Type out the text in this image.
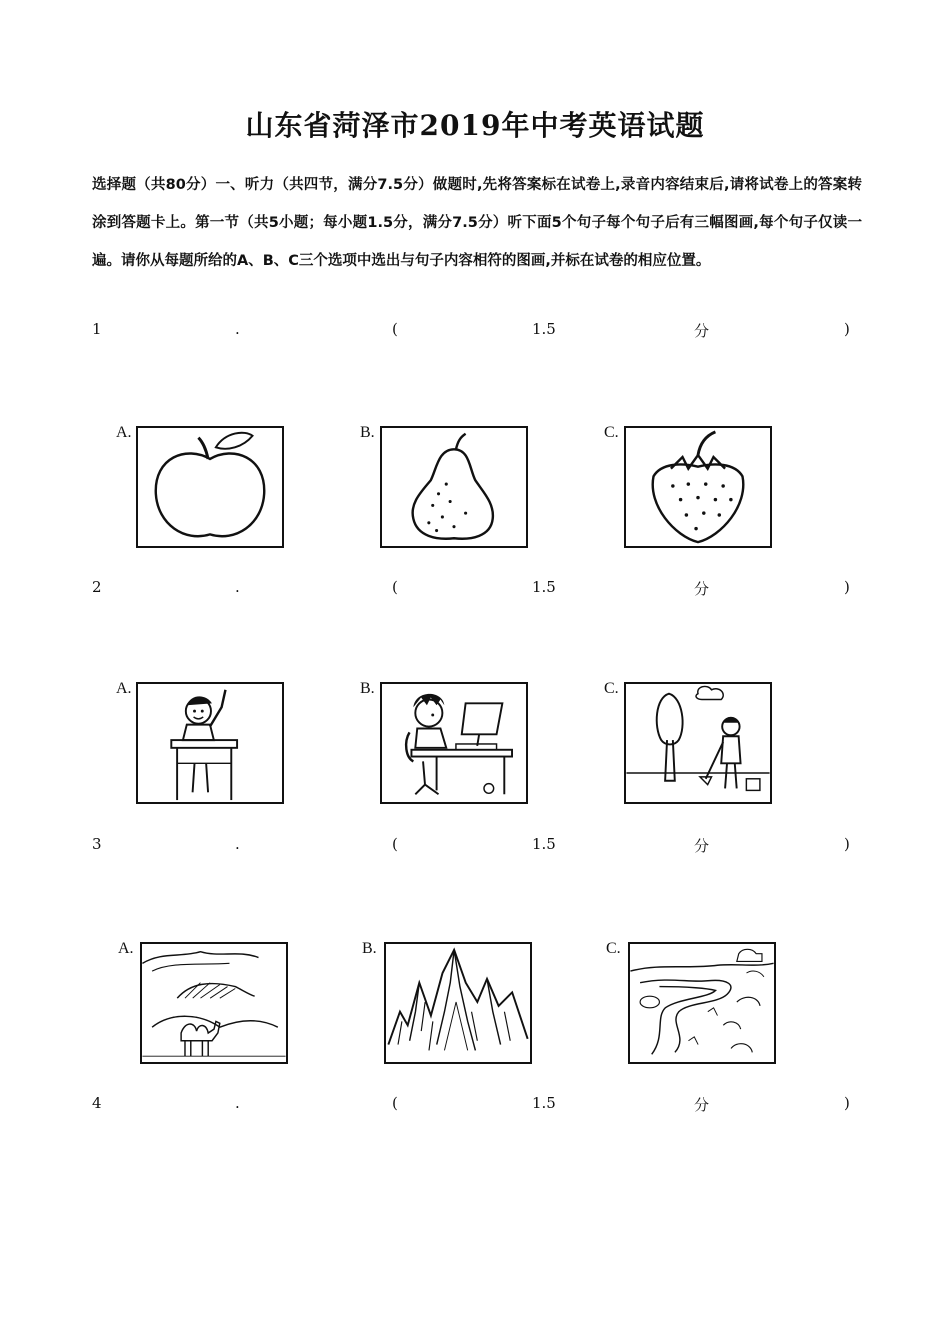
山东省菏泽市2019年中考英语试题
选择题（共80分）一、听力（共四节，满分7.5分）做题时,先将答案标在试卷上,录音内容结束后,请将试卷上的答案转涂到答题卡上。第一节（共5小题；每小题1.5分，满分7.5分）听下面5个句子每个句子后有三幅图画,每个句子仅读一遍。请你从每题所给的A、B、C三个选项中选出与句子内容相符的图画,并标在试卷的相应位置。
1	.	(	1.5	分	)
A.	B.	C.
2	.	(	1.5	分	)
A.	B.	C.
3	.	(	1.5	分	)
A.	B.	C.
4	.	(	1.5	分	)
